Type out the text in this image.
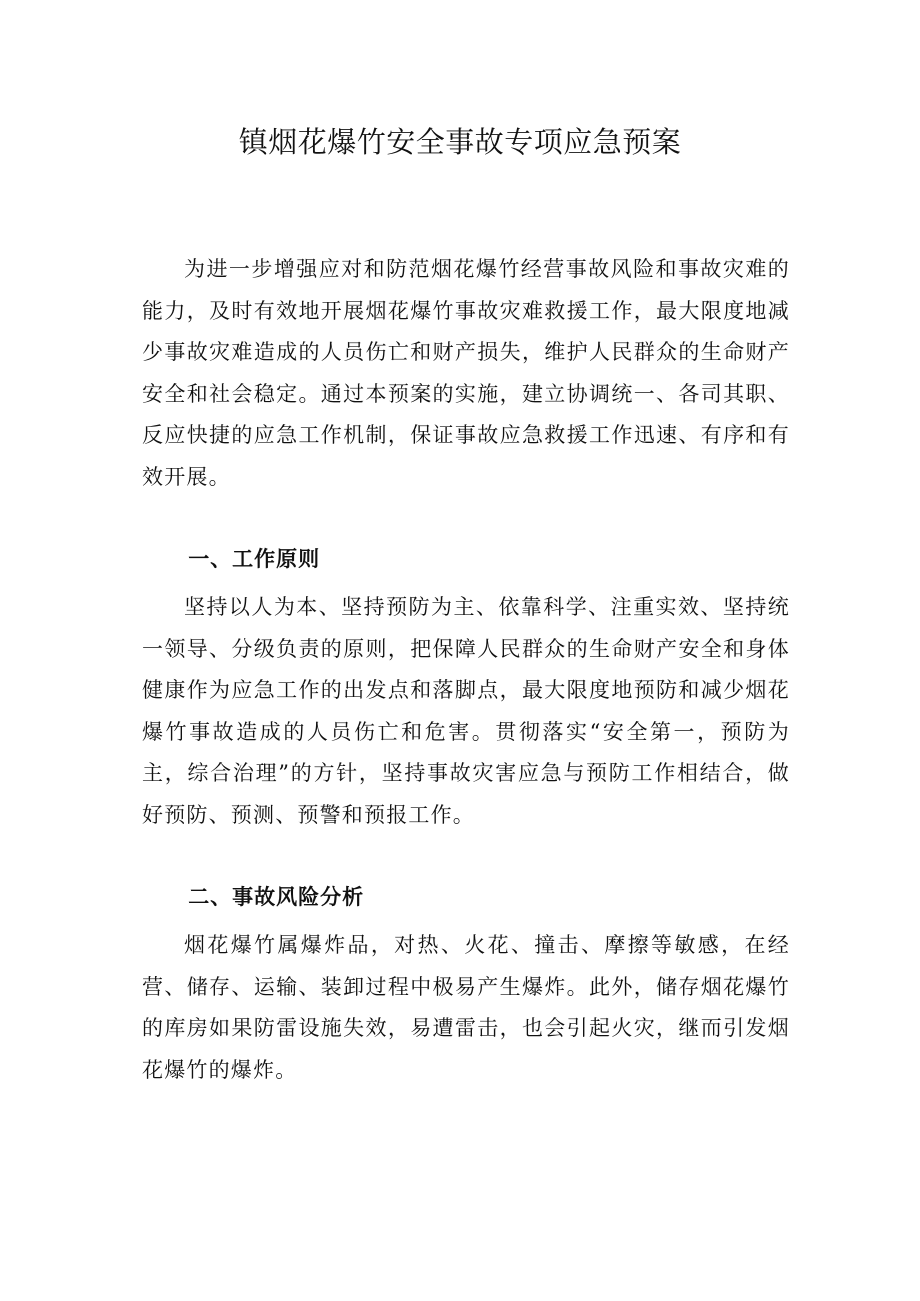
镇烟花爆竹安全事故专项应急预案

为进一步增强应对和防范烟花爆竹经营事故风险和事故灾难的能力，及时有效地开展烟花爆竹事故灾难救援工作，最大限度地减少事故灾难造成的人员伤亡和财产损失，维护人民群众的生命财产安全和社会稳定。通过本预案的实施，建立协调统一、各司其职、反应快捷的应急工作机制，保证事故应急救援工作迅速、有序和有效开展。

一、工作原则

坚持以人为本、坚持预防为主、依靠科学、注重实效、坚持统一领导、分级负责的原则，把保障人民群众的生命财产安全和身体健康作为应急工作的出发点和落脚点，最大限度地预防和减少烟花爆竹事故造成的人员伤亡和危害。贯彻落实“安全第一，预防为主，综合治理”的方针，坚持事故灾害应急与预防工作相结合，做好预防、预测、预警和预报工作。

二、事故风险分析

烟花爆竹属爆炸品，对热、火花、撞击、摩擦等敏感，在经营、储存、运输、装卸过程中极易产生爆炸。此外，储存烟花爆竹的库房如果防雷设施失效，易遭雷击，也会引起火灾，继而引发烟花爆竹的爆炸。
